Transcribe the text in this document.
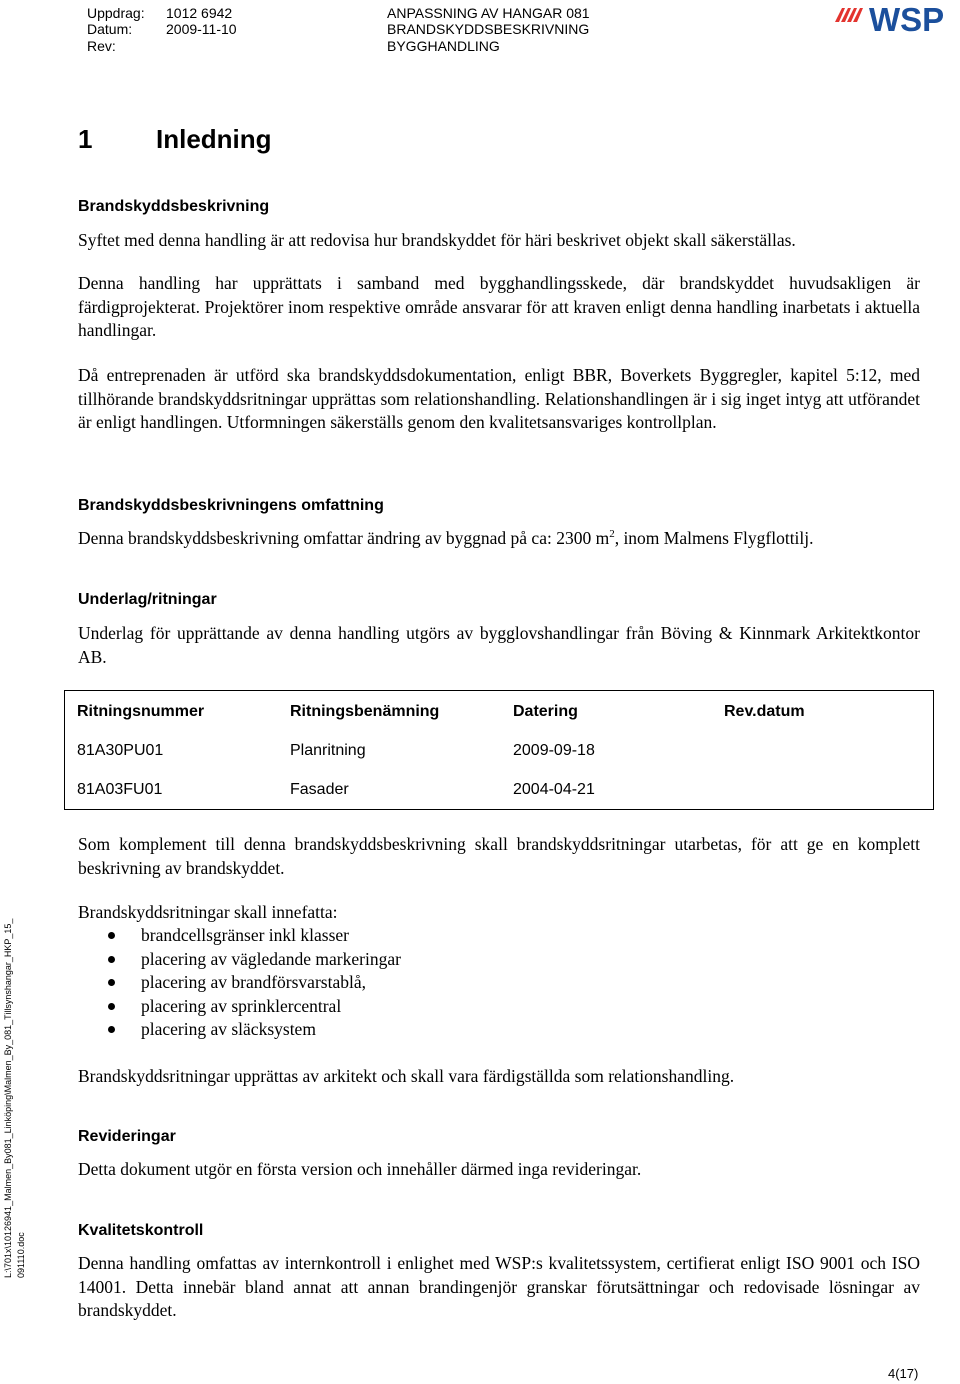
Uppdrag: 1012 6942
Datum: 2009-11-10
Rev:
ANPASSNING AV HANGAR 081
BRANDSKYDDSBESKRIVNING
BYGGHANDLING
WSP
1 Inledning
Brandskyddsbeskrivning
Syftet med denna handling är att redovisa hur brandskyddet för häri beskrivet objekt skall säkerställas.
Denna handling har upprättats i samband med bygghandlingsskede, där brandskyddet huvudsakligen är färdigprojekterat. Projektörer inom respektive område ansvarar för att kraven enligt denna handling inarbetats i aktuella handlingar.
Då entreprenaden är utförd ska brandskyddsdokumentation, enligt BBR, Boverkets Byggregler, kapitel 5:12, med tillhörande brandskyddsritningar upprättas som relationshandling. Relationshandlingen är i sig inget intyg att utförandet är enligt handlingen. Utformningen säkerställs genom den kvalitetsansvariges kontrollplan.
Brandskyddsbeskrivningens omfattning
Denna brandskyddsbeskrivning omfattar ändring av byggnad på ca: 2300 $m^2$, inom Malmens Flygflottilj.
Underlag/ritningar
Underlag för upprättande av denna handling utgörs av bygglovshandlingar från Böving & Kinnmark Arkitektkontor AB.
Ritningsnummer	Ritningsbenämning	Datering	Rev.datum
81A30PU01	Planritning	2009-09-18	
81A03FU01	Fasader	2004-04-21	
Som komplement till denna brandskyddsbeskrivning skall brandskyddsritningar utarbetas, för att ge en komplett beskrivning av brandskyddet.
Brandskyddsritningar skall innefatta:
brandcellsgränser inkl klasser
placering av vägledande markeringar
placering av brandförsvarstablå,
placering av sprinklercentral
placering av släcksystem
Brandskyddsritningar upprättas av arkitekt och skall vara färdigställda som relationshandling.
Revideringar
Detta dokument utgör en första version och innehåller därmed inga revideringar.
Kvalitetskontroll
Denna handling omfattas av internkontroll i enlighet med WSP:s kvalitetssystem, certifierat enligt ISO 9001 och ISO 14001. Detta innebär bland annat att annan brandingenjör granskar förutsättningar och redovisade lösningar av brandskyddet.
L:\701x\10126941_Malmen_By081_Linköping\Malmen_By_081_Tillsynshangar_HKP_15_ 091110.doc
4(17)
